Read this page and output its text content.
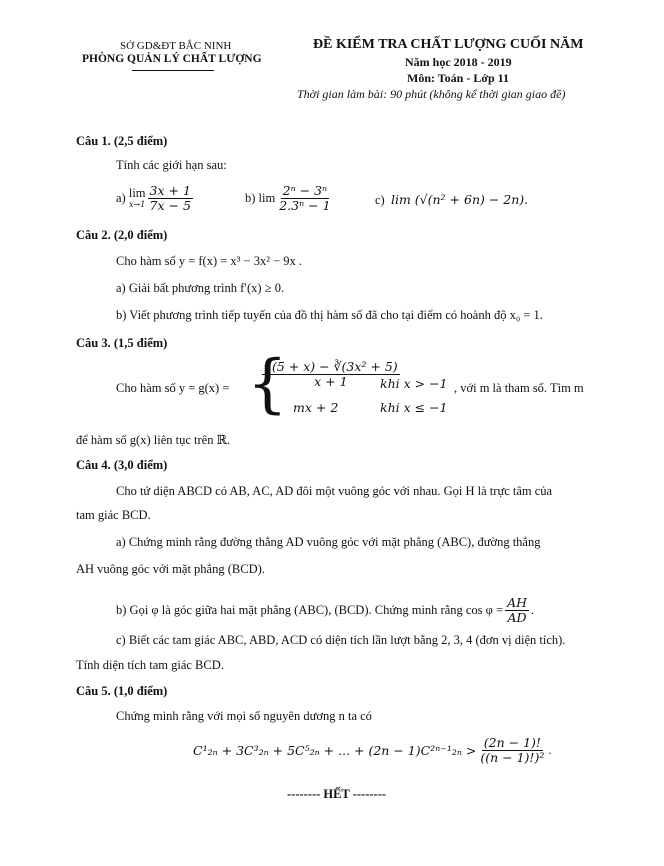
SỞ GD&ĐT BẮC NINH
PHÒNG QUẢN LÝ CHẤT LƯỢNG
ĐỀ KIỂM TRA CHẤT LƯỢNG CUỐI NĂM
Năm học 2018 - 2019
Môn: Toán - Lớp 11
Thời gian làm bài: 90 phút (không kể thời gian giao đề)
Câu 1. (2,5 điểm)
Tính các giới hạn sau:
a)
lim
$x\to 1 \frac{3x + 1}{7x - 5}$	b)
$\lim \frac{\text{2ⁿ − 3ⁿ}}{\text{2.3ⁿ − 1}}$	c) lim (√(n² + 6n) − 2n).
Câu 2. (2,0 điểm)
Cho hàm số y = f(x) = x³ − 3x² − 9x .
a) Giải bất phương trình f′(x) ≥ 0.
b) Viết phương trình tiếp tuyến của đồ thị hàm số đã cho tại điểm có hoành độ x₀ = 1.
Câu 3. (1,5 điểm)
Cho hàm số y = g(x) = {
$\frac{\text{√(5 + x) − ∛(3x² + 5)}}{x + 1}$
khi x > −1
mx + 2	khi x ≤ −1
, với m là tham số. Tìm m
để hàm số g(x) liên tục trên ℝ.
Câu 4. (3,0 điểm)
Cho tứ diện ABCD có AB, AC, AD đôi một vuông góc với nhau. Gọi H là trực tâm của
tam giác BCD.
a) Chứng minh rằng đường thẳng AD vuông góc với mặt phẳng (ABC), đường thẳng
AH vuông góc với mặt phẳng (BCD).
b) Gọi φ là góc giữa hai mặt phẳng (ABC), (BCD). Chứng minh rằng $\cos \varphi = \frac{AH}{AD}$ .
c) Biết các tam giác ABC, ABD, ACD có diện tích lần lượt bằng 2, 3, 4 (đơn vị diện tích).
Tính diện tích tam giác BCD.
Câu 5. (1,0 điểm)
Chứng minh rằng với mọi số nguyên dương n ta có
C¹₂ₙ + 3C³₂ₙ + 5C⁵₂ₙ + ... + $(2n - 1)C^{2n-1}_{2n} > \frac{(2n - 1)!}{\text{((n − 1)!)²}}$ .
-------- HẾT --------
